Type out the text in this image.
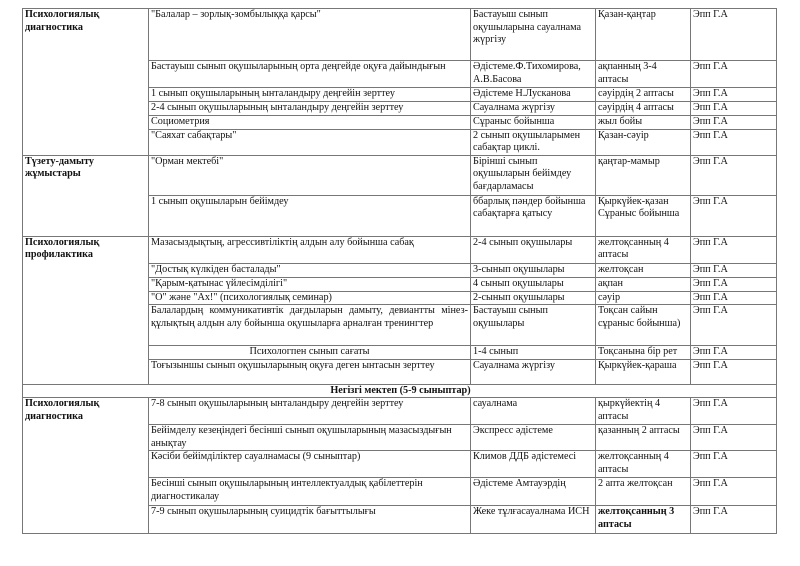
Психологиялық диагностика	"Балалар – зорлық-зомбылыққа қарсы"	Бастауыш сынып оқушыларына сауалнама жүргізу	Қазан-қаңтар	Эпп Г.А
	Бастауыш сынып оқушыларының орта деңгейде оқуға дайындығын	Әдістеме.Ф.Тихомирова, А.В.Басова	ақпанның 3-4 аптасы	Эпп Г.А
	1 сынып оқушыларының ынталандыру деңгейін зерттеу	Әдістеме Н.Лусканова	сәуірдің 2 аптасы	Эпп Г.А
	2-4 сынып оқушыларының ынталандыру деңгейін зерттеу	Сауалнама жүргізу	сәуірдің 4 аптасы	Эпп Г.А
	Социометрия	Сұраныс бойынша	жыл бойы	Эпп Г.А
	"Саяхат сабақтары"	2 сынып оқушыларымен сабақтар циклі.	Қазан-сәуір	Эпп Г.А
Түзету-дамыту жұмыстары	"Орман мектебі"	Бірінші сынып оқушыларын бейімдеу бағдарламасы	қаңтар-мамыр	Эпп Г.А
	1 сынып оқушыларын бейімдеу	ббарлық пәндер бойынша сабақтарға қатысу	Қыркүйек-қазан Сұраныс бойынша	Эпп Г.А
Психологиялық профилактика	Мазасыздықтың, агрессивтіліктің алдын алу бойынша сабақ	2-4 сынып оқушылары	желтоқсанның 4 аптасы	Эпп Г.А
	"Достық күлкіден басталады"	3-сынып оқушылары	желтоқсан	Эпп Г.А
	"Қарым-қатынас үйлесімділігі"	4 сынып оқушылары	ақпан	Эпп Г.А
	"О" және "Ах!" (психологиялық семинар)	2-сынып оқушылары	сәуір	Эпп Г.А
	Балалардың коммуникативтік дағдыларын дамыту, девиантты мінез-құлықтың алдын алу бойынша оқушыларға арналған тренингтер	Бастауыш сынып оқушылары	Тоқсан сайын сұраныс бойынша)	Эпп Г.А
	Психологпен сынып сағаты	1-4 сынып	Тоқсанына бір рет	Эпп Г.А
	Тоғызыншы сынып оқушыларының оқуға деген ынтасын зерттеу	Сауалнама жүргізу	Қыркүйек-қараша	Эпп Г.А
Негізгі мектеп (5-9 сыныптар)				
Психологиялық диагностика	7-8 сынып оқушыларының ынталандыру деңгейін зерттеу	сауалнама	қыркүйектің 4 аптасы	Эпп Г.А
	Бейімделу кезеңіндегі бесінші сынып оқушыларының мазасыздығын анықтау	Экспресс әдістеме	қазанның 2 аптасы	Эпп Г.А
	Кәсіби бейімділіктер сауалнамасы (9 сыныптар)	Климов ДДБ әдістемесі	желтоқсанның 4 аптасы	Эпп Г.А
	Бесінші сынып оқушыларының интеллектуалдық қабілеттерін диагностикалау	Әдістеме Амтауэрдің	2 апта желтоқсан	Эпп Г.А
	7-9 сынып оқушыларының суицидтік бағыттылығы	Жеке тұлғасауалнама ИСН	желтоқсанның 3 аптасы	Эпп Г.А
